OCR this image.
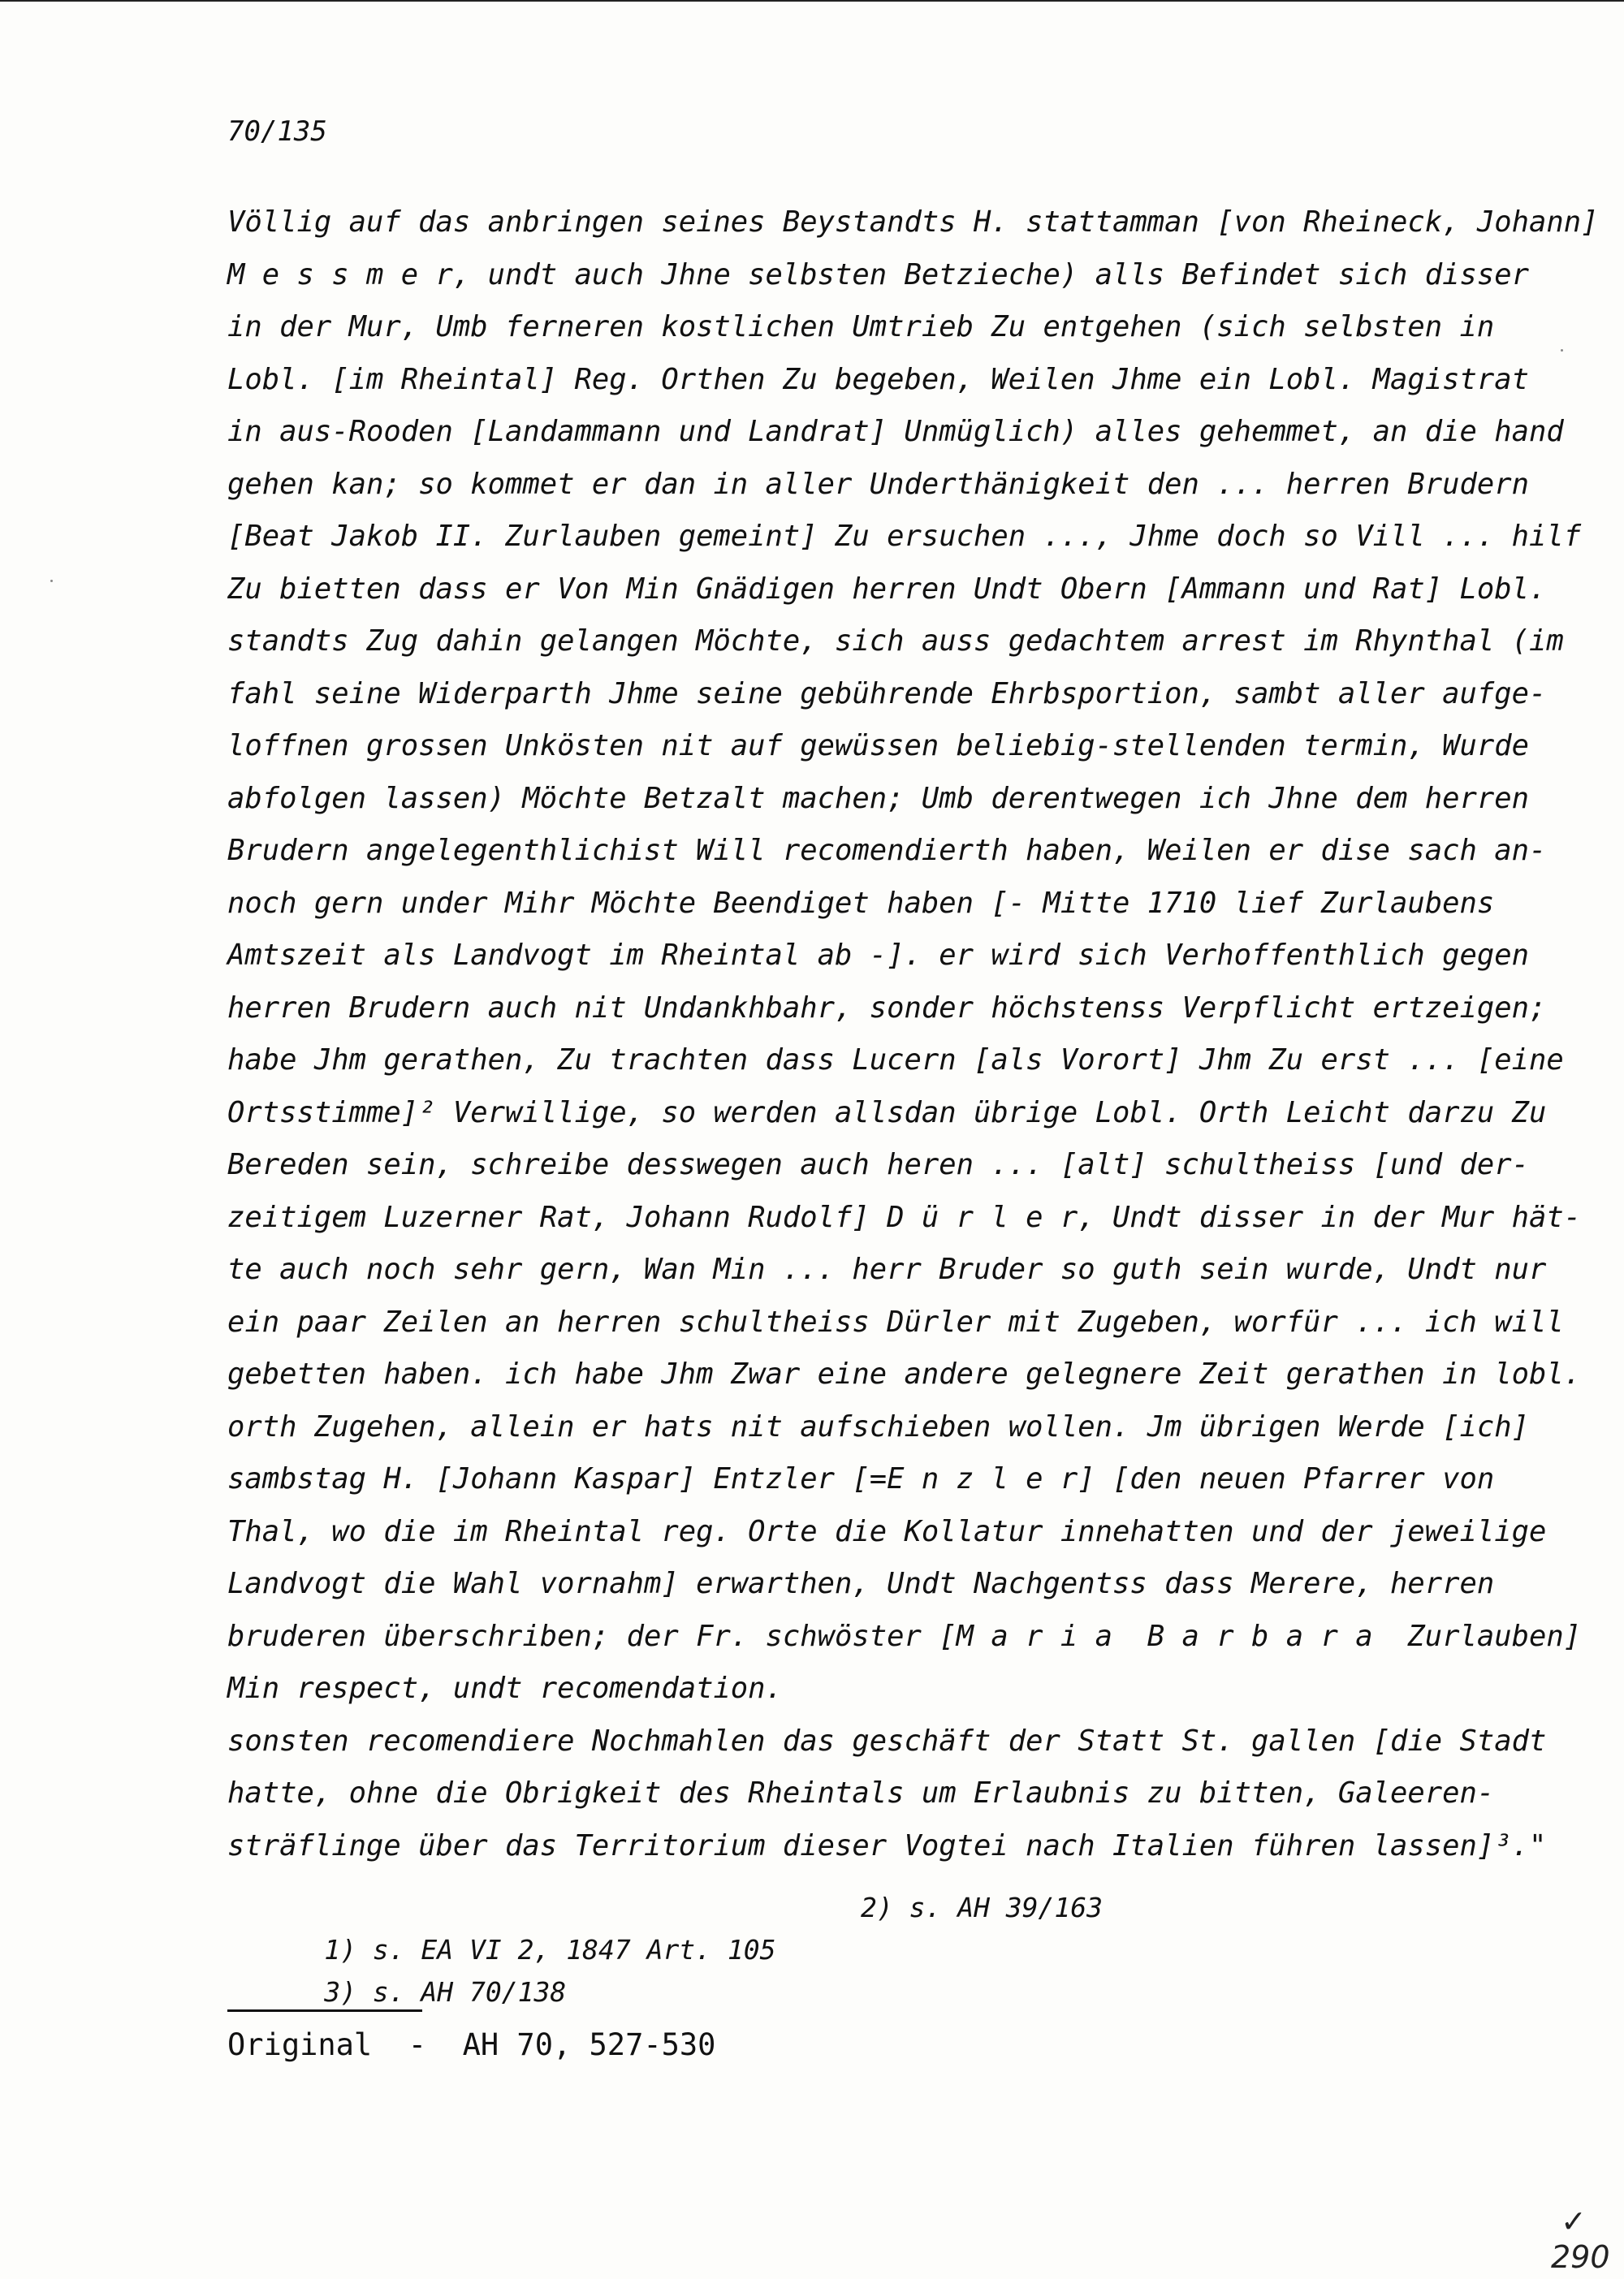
70/135
Völlig auf das anbringen seines Beystandts H. stattamman [von Rheineck, Johann]
M e s s m e r, undt auch Jhne selbsten Betzieche) alls Befindet sich disser
in der Mur, Umb ferneren kostlichen Umtrieb Zu entgehen (sich selbsten in
Lobl. [im Rheintal] Reg. Orthen Zu begeben, Weilen Jhme ein Lobl. Magistrat
in aus-Rooden [Landammann und Landrat] Unmüglich) alles gehemmet, an die hand
gehen kan; so kommet er dan in aller Underthänigkeit den ... herren Brudern
[Beat Jakob II. Zurlauben gemeint] Zu ersuchen ..., Jhme doch so Vill ... hilf
Zu bietten dass er Von Min Gnädigen herren Undt Obern [Ammann und Rat] Lobl.
standts Zug dahin gelangen Möchte, sich auss gedachtem arrest im Rhynthal (im
fahl seine Widerparth Jhme seine gebührende Ehrbsportion, sambt aller aufge-
loffnen grossen Unkösten nit auf gewüssen beliebig-stellenden termin, Wurde
abfolgen lassen) Möchte Betzalt machen; Umb derentwegen ich Jhne dem herren
Brudern angelegenthlichist Will recomendierth haben, Weilen er dise sach an-
noch gern under Mihr Möchte Beendiget haben [- Mitte 1710 lief Zurlaubens
Amtszeit als Landvogt im Rheintal ab -]. er wird sich Verhoffenthlich gegen
herren Brudern auch nit Undankhbahr, sonder höchstenss Verpflicht ertzeigen;
habe Jhm gerathen, Zu trachten dass Lucern [als Vorort] Jhm Zu erst ... [eine
Ortsstimme]² Verwillige, so werden allsdan übrige Lobl. Orth Leicht darzu Zu
Bereden sein, schreibe desswegen auch heren ... [alt] schultheiss [und der-
zeitigem Luzerner Rat, Johann Rudolf] D ü r l e r, Undt disser in der Mur hät-
te auch noch sehr gern, Wan Min ... herr Bruder so guth sein wurde, Undt nur
ein paar Zeilen an herren schultheiss Dürler mit Zugeben, worfür ... ich will
gebetten haben. ich habe Jhm Zwar eine andere gelegnere Zeit gerathen in lobl.
orth Zugehen, allein er hats nit aufschieben wollen. Jm übrigen Werde [ich]
sambstag H. [Johann Kaspar] Entzler [=E n z l e r] [den neuen Pfarrer von
Thal, wo die im Rheintal reg. Orte die Kollatur innehatten und der jeweilige
Landvogt die Wahl vornahm] erwarthen, Undt Nachgentss dass Merere, herren
bruderen überschriben; der Fr. schwöster [M a r i a  B a r b a r a  Zurlauben]
Min respect, undt recomendation.
sonsten recomendiere Nochmahlen das geschäft der Statt St. gallen [die Stadt
hatte, ohne die Obrigkeit des Rheintals um Erlaubnis zu bitten, Galeeren-
sträflinge über das Territorium dieser Vogtei nach Italien führen lassen]³."

1) s. EA VI 2, 1847 Art. 105

2) s. AH 39/163

3) s. AH 70/138

Original  -  AH 70, 527-530
✓
290
